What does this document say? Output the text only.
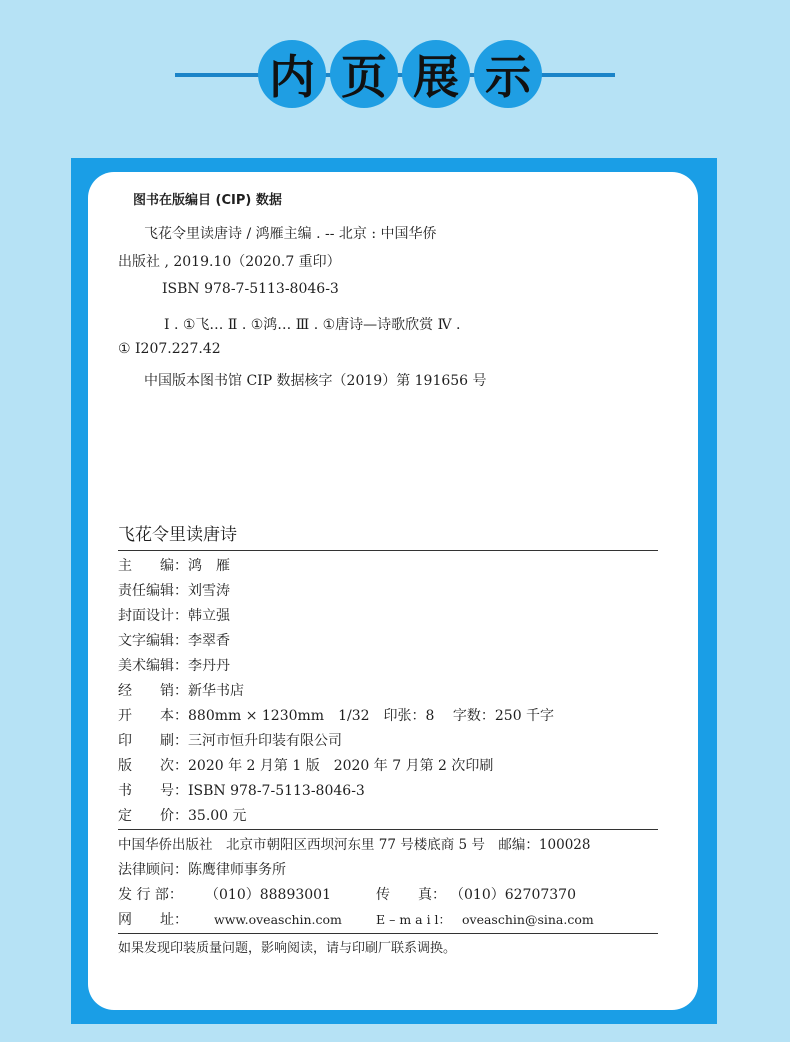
内 页 展 示
图书在版编目 (CIP) 数据
飞花令里读唐诗 / 鸿雁主编 . -- 北京 : 中国华侨
出版社 , 2019.10（2020.7 重印）
ISBN 978-7-5113-8046-3
Ⅰ . ①飞… Ⅱ . ①鸿… Ⅲ . ①唐诗—诗歌欣赏 Ⅳ .
① I207.227.42
中国版本图书馆 CIP 数据核字（2019）第 191656 号
飞花令里读唐诗
主　　编：鸿　雁
责任编辑：刘雪涛
封面设计：韩立强
文字编辑：李翠香
美术编辑：李丹丹
经　　销：新华书店
开　　本：880mm × 1230mm　1/32　印张：8　 字数：250 千字
印　　刷：三河市恒升印装有限公司
版　　次：2020 年 2 月第 1 版　2020 年 7 月第 2 次印刷
书　　号：ISBN 978-7-5113-8046-3
定　　价：35.00 元
中国华侨出版社　北京市朝阳区西坝河东里 77 号楼底商 5 号　邮编：100028
法律顾问：陈鹰律师事务所
发 行 部： （010）88893001	传　　真： （010）62707370
网　　址： www.oveaschin.com	E – m a i l： oveaschin@sina.com
如果发现印装质量问题，影响阅读，请与印刷厂联系调换。
